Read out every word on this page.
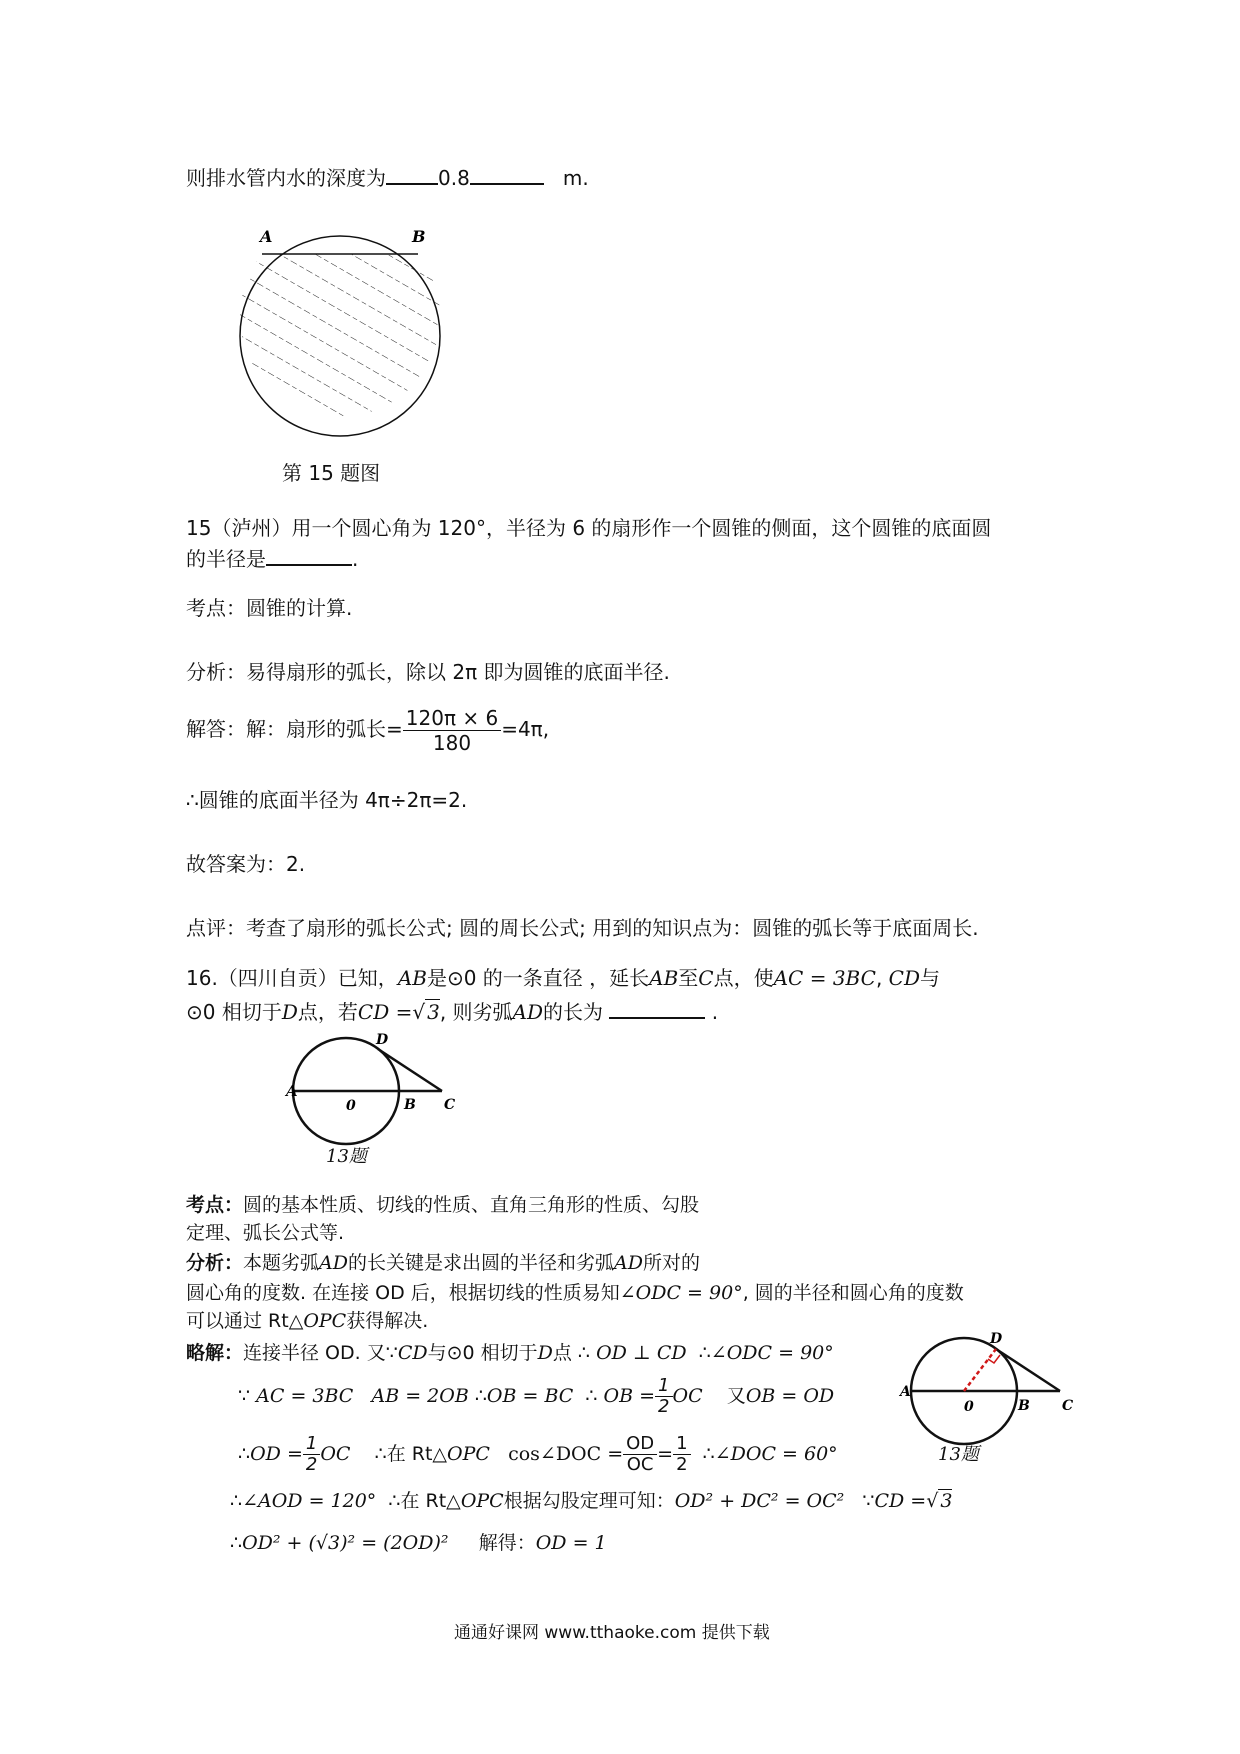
则排水管内水的深度为	0.8	m.
A	B
第 15 题图
15（泸州）用一个圆心角为 120°，半径为 6 的扇形作一个圆锥的侧面，这个圆锥的底面圆
的半径是	.
考点：圆锥的计算.
分析：易得扇形的弧长，除以 2π 即为圆锥的底面半径.
解答：解：扇形的弧长= $\frac{120\pi \times 6}{180} =4\pi$,
∴圆锥的底面半径为 4π÷2π=2.
故答案为：2.
点评：考查了扇形的弧长公式; 圆的周长公式; 用到的知识点为：圆锥的弧长等于底面周长.
16.（四川自贡）已知，AB是⊙0 的一条直径 ，延长AB至C点，使AC = 3BC, CD与
⊙0 相切于D点，若CD =√ 3, 则劣弧AD的长为	.
A
0	B C
D
13题
考点：圆的基本性质、切线的性质、直角三角形的性质、勾股
定理、弧长公式等.
分析：本题劣弧AD的长关键是求出圆的半径和劣弧AD所对的
圆心角的度数. 在连接 OD 后，根据切线的性质易知∠ODC = 90°, 圆的半径和圆心角的度数
可以通过 Rt△OPC获得解决.
略解：连接半径 OD. 又∵CD与⊙0 相切于D点 ∴ OD ⊥ CD ∴∠ODC = 90°
∵ AC = 3BC AB = 2OB ∴OB = BC ∴ OB = $\frac{1}{2}$ OC 又OB = OD
∴OD = $\frac{1}{2}$ OC ∴在 Rt△OPC cos∠DOC = $\frac{OD}{OC} = \frac{1}{2}$ ∴∠DOC = 60°
∴∠AOD = 120° ∴在 Rt△OPC根据勾股定理可知：OD² + DC² = OC² ∵CD =√ 3
∴OD² + (√3)² = (2OD)² 解得：OD = 1
A
0	B C
D
13题
通通好课网 www.tthaoke.com 提供下载
